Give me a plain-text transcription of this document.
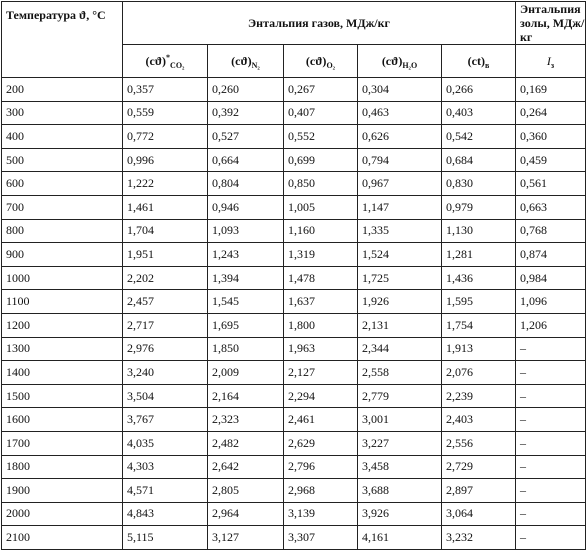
Температура ϑ, °С	Энтальпия газов, МДж/кг					Энтальпия золы, МДж/кг
	$(cϑ)^*_{CO_2}$	$(cϑ)_{N_2}$	$(cϑ)_{O_2}$	$(cϑ)_{H_2O}$	$(ct)_в$	$I_з$
200	0,357	0,260	0,267	0,304	0,266	0,169
300	0,559	0,392	0,407	0,463	0,403	0,264
400	0,772	0,527	0,552	0,626	0,542	0,360
500	0,996	0,664	0,699	0,794	0,684	0,459
600	1,222	0,804	0,850	0,967	0,830	0,561
700	1,461	0,946	1,005	1,147	0,979	0,663
800	1,704	1,093	1,160	1,335	1,130	0,768
900	1,951	1,243	1,319	1,524	1,281	0,874
1000	2,202	1,394	1,478	1,725	1,436	0,984
1100	2,457	1,545	1,637	1,926	1,595	1,096
1200	2,717	1,695	1,800	2,131	1,754	1,206
1300	2,976	1,850	1,963	2,344	1,913	–
1400	3,240	2,009	2,127	2,558	2,076	–
1500	3,504	2,164	2,294	2,779	2,239	–
1600	3,767	2,323	2,461	3,001	2,403	–
1700	4,035	2,482	2,629	3,227	2,556	–
1800	4,303	2,642	2,796	3,458	2,729	–
1900	4,571	2,805	2,968	3,688	2,897	–
2000	4,843	2,964	3,139	3,926	3,064	–
2100	5,115	3,127	3,307	4,161	3,232	–
